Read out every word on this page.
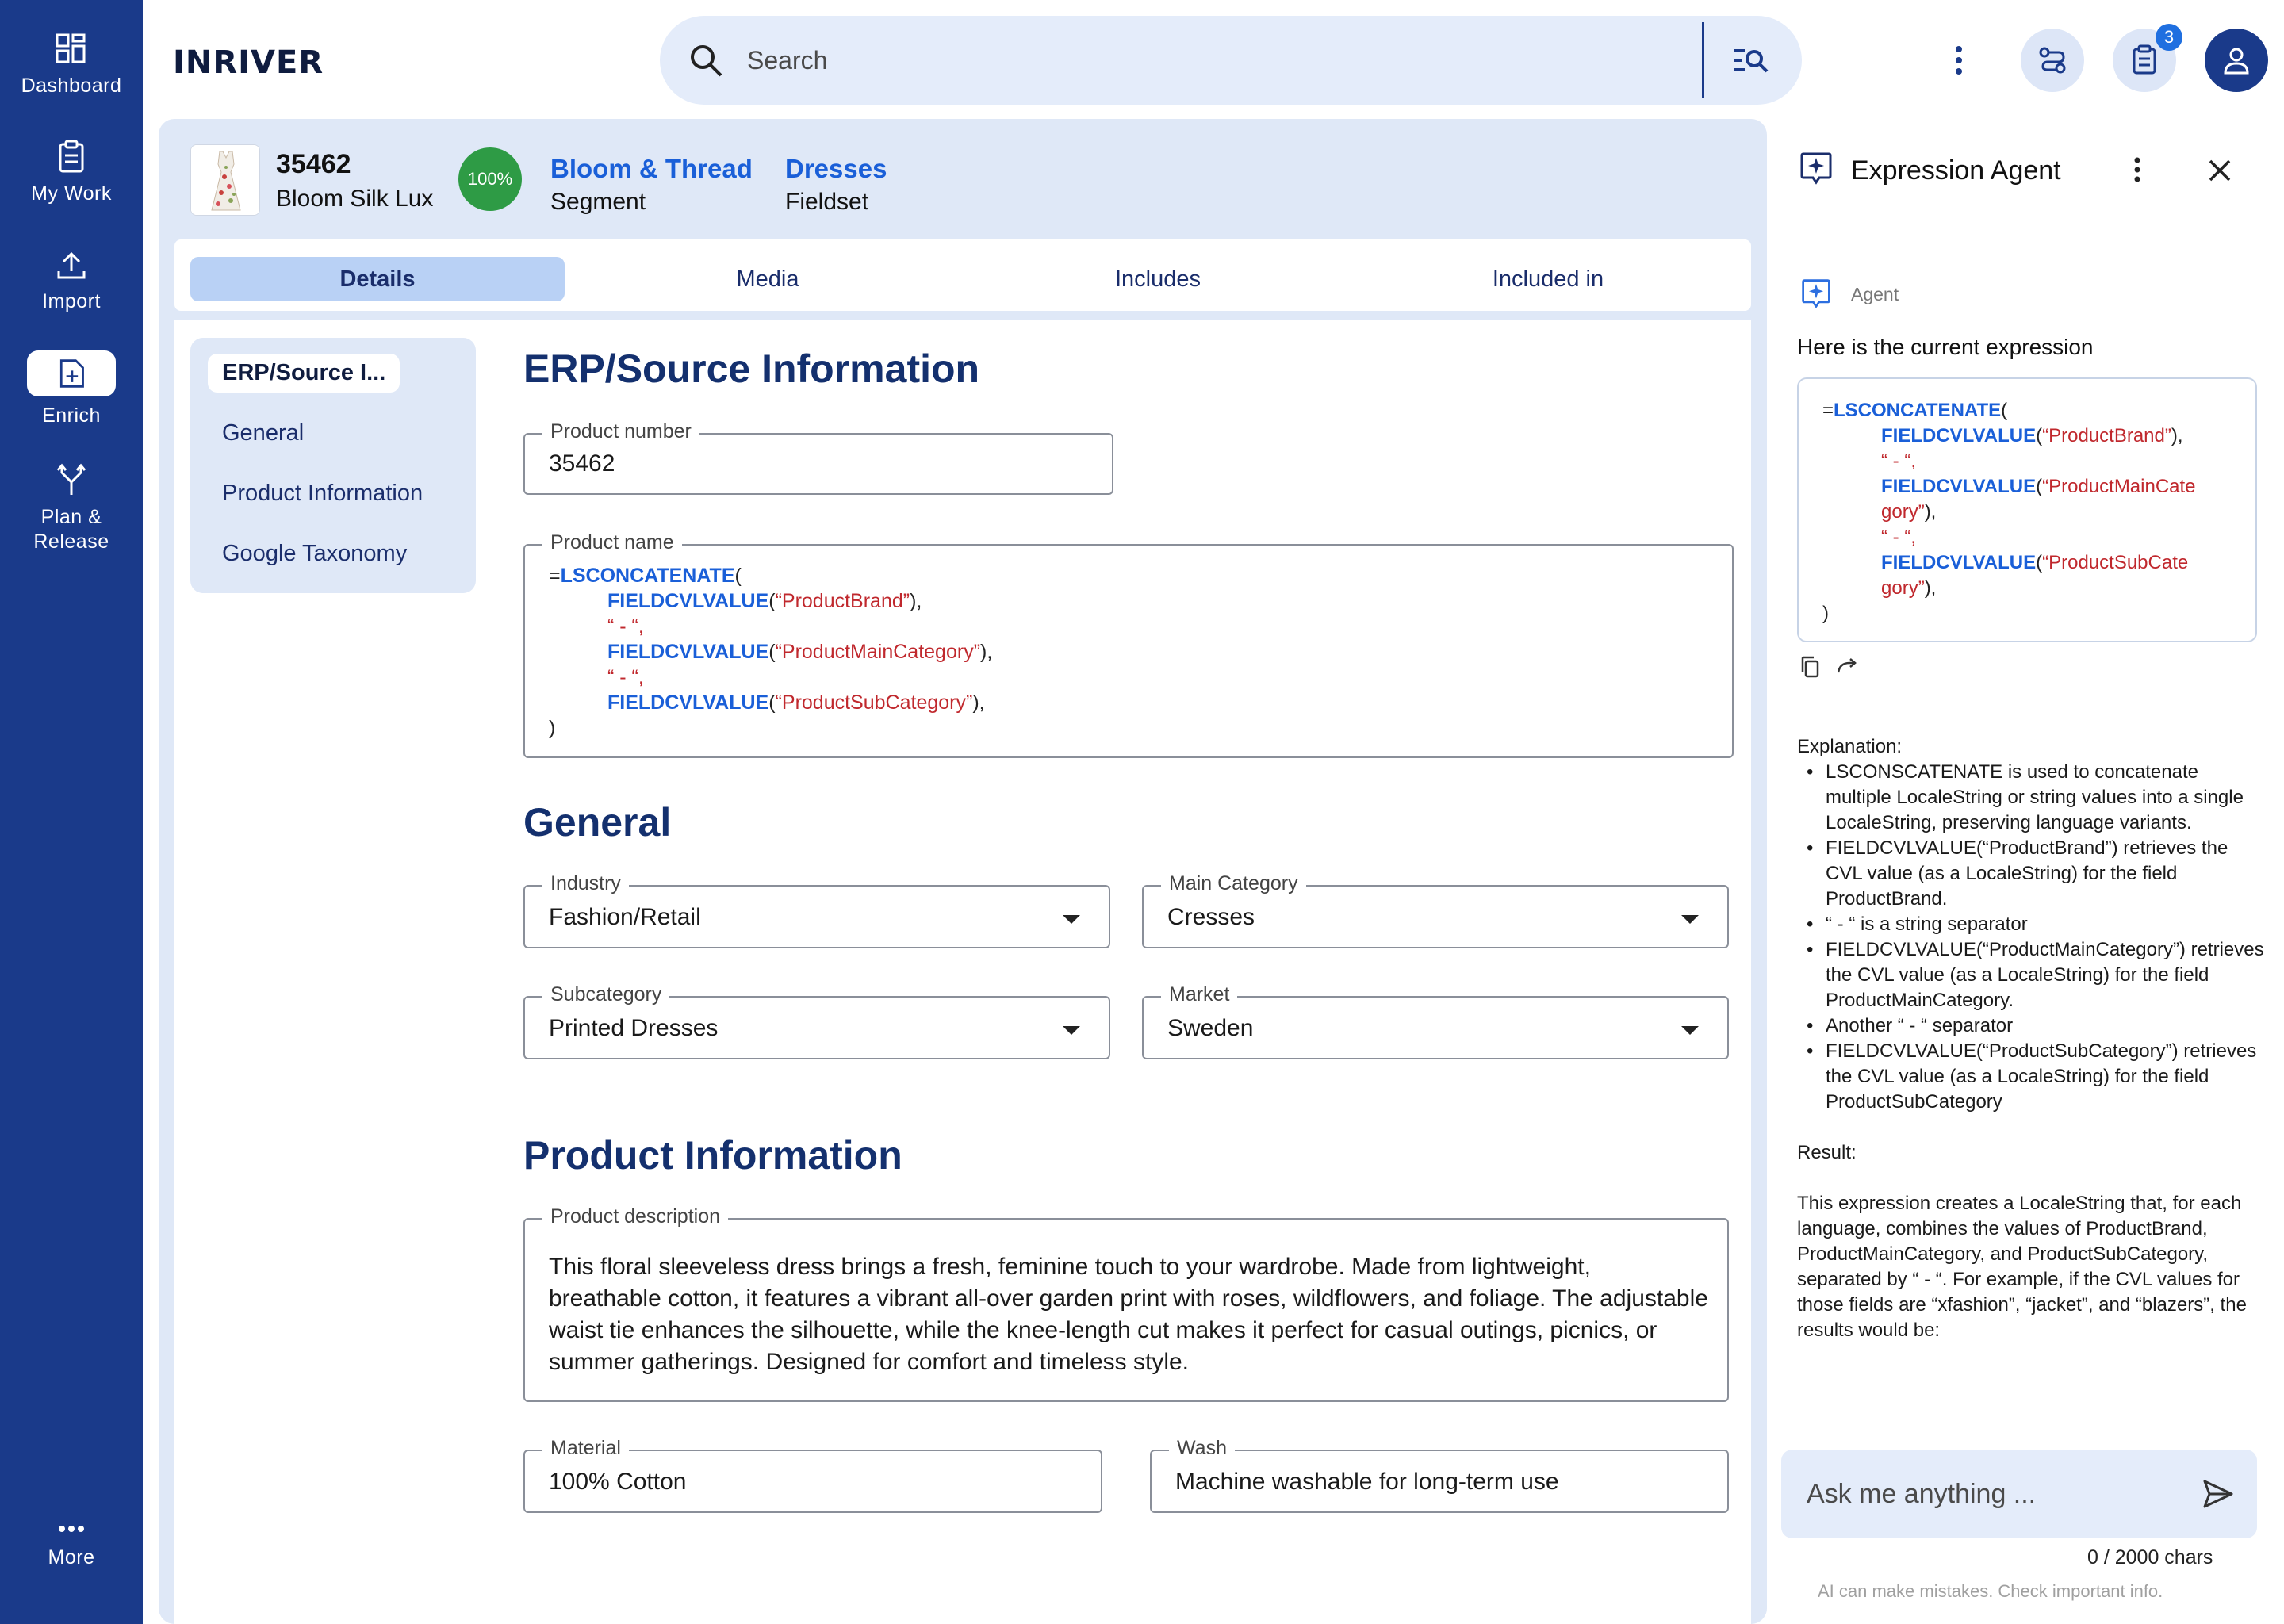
Dashboard
My Work
Import
Enrich
Plan &
Release
More
INRIVER
Search
3
35462
Bloom Silk Lux
100%	Bloom & Thread
Segment
Dresses
Fieldset
Details	Media	Includes	Included in
ERP/Source I...
General
Product Information
Google Taxonomy
ERP/Source Information
Product number
35462
Product name
=LSCONCATENATE(
FIELDCVLVALUE(“ProductBrand”),
“ - “,
FIELDCVLVALUE(“ProductMainCategory”),
“ - “,
FIELDCVLVALUE(“ProductSubCategory”),
)
General
Industry
Fashion/Retail
Main Category
Cresses
Subcategory
Printed Dresses
Market
Sweden
Product Information
Product description
This floral sleeveless dress brings a fresh, feminine touch to your wardrobe. Made from lightweight, breathable cotton, it features a vibrant all-over garden print with roses, wildflowers, and foliage. The adjustable waist tie enhances the silhouette, while the knee-length cut makes it perfect for casual outings, picnics, or summer gatherings. Designed for comfort and timeless style.
Material
100% Cotton
Wash
Machine washable for long-term use
Expression Agent
Agent
Here is the current expression
=LSCONCATENATE(
FIELDCVLVALUE(“ProductBrand”),
“ - “,
FIELDCVLVALUE(“ProductMainCate
gory”),
“ - “,
FIELDCVLVALUE(“ProductSubCate
gory”),
)
Explanation:
• LSCONSCATENATE is used to concatenate multiple LocaleString or string values into a single LocaleString, preserving language variants.
• FIELDCVLVALUE(“ProductBrand”) retrieves the CVL value (as a LocaleString) for the field ProductBrand.
• “ - “ is a string separator
• FIELDCVLVALUE(“ProductMainCategory”) retrieves the CVL value (as a LocaleString) for the field ProductMainCategory.
• Another “ - “ separator
• FIELDCVLVALUE(“ProductSubCategory”) retrieves the CVL value (as a LocaleString) for the field ProductSubCategory
Result:
This expression creates a LocaleString that, for each language, combines the values of ProductBrand, ProductMainCategory, and ProductSubCategory, separated by “ - “. For example, if the CVL values for those fields are “xfashion”, “jacket”, and “blazers”, the results would be:
Ask me anything ...
0 / 2000 chars
AI can make mistakes. Check important info.
